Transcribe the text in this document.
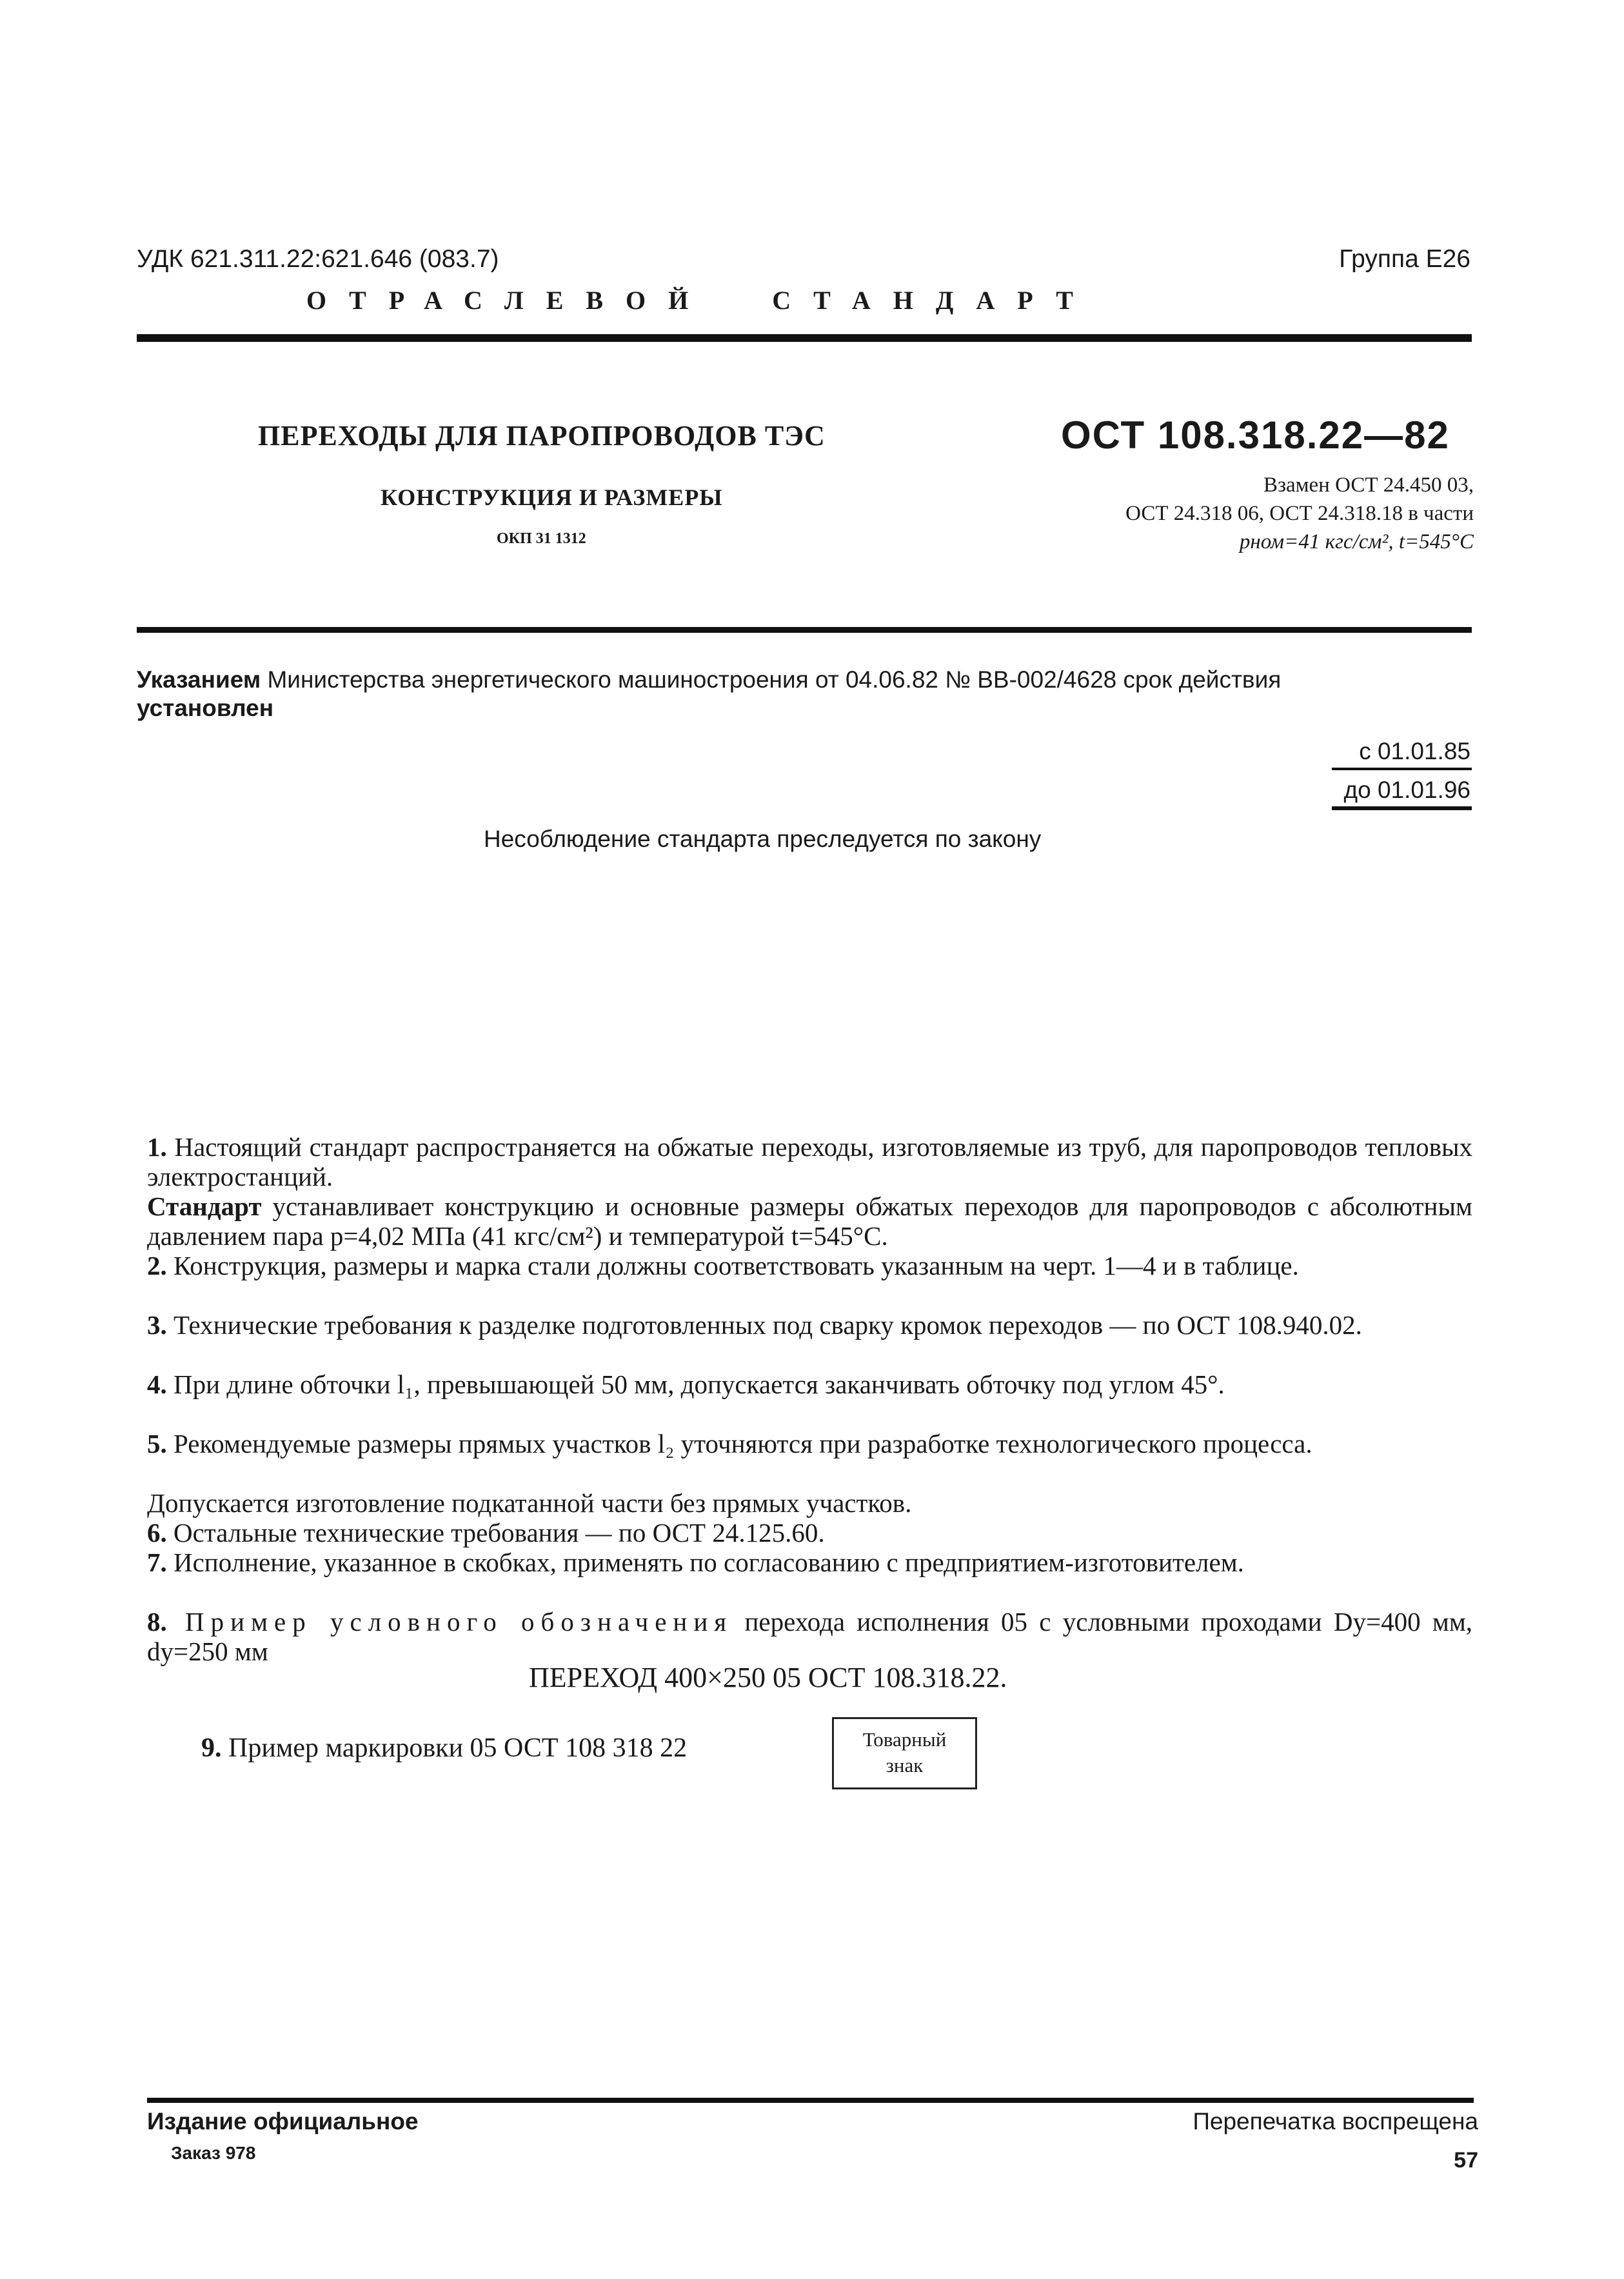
УДК 621.311.22:621.646 (083.7)	Группа Е26
ОТРАСЛЕВОЙ СТАНДАРТ
ПЕРЕХОДЫ ДЛЯ ПАРОПРОВОДОВ ТЭС
КОНСТРУКЦИЯ И РАЗМЕРЫ
ОКП 31 1312
ОСТ 108.318.22—82
Взамен ОСТ 24.450 03,
ОСТ 24.318 06, ОСТ 24.318.18 в части
pном=41 кгс/см², t=545°С
Указанием Министерства энергетического машиностроения от 04.06.82 № ВВ-002/4628 срок действия
установлен
с 01.01.85
до 01.01.96
Несоблюдение стандарта преследуется по закону
1. Настоящий стандарт распространяется на обжатые переходы, изготовляемые из труб, для паропроводов тепловых электростанций.
Стандарт устанавливает конструкцию и основные размеры обжатых переходов для паропроводов с абсолютным давлением пара p=4,02 МПа (41 кгс/см²) и температурой t=545°С.
2. Конструкция, размеры и марка стали должны соответствовать указанным на черт. 1—4 и в таблице.
3. Технические требования к разделке подготовленных под сварку кромок переходов — по ОСТ 108.940.02.
4. При длине обточки l₁, превышающей 50 мм, допускается заканчивать обточку под углом 45°.
5. Рекомендуемые размеры прямых участков l₂ уточняются при разработке технологического процесса.
Допускается изготовление подкатанной части без прямых участков.
6. Остальные технические требования — по ОСТ 24.125.60.
7. Исполнение, указанное в скобках, применять по согласованию с предприятием-изготовителем.
8. Пример условного обозначения перехода исполнения 05 с условными проходами Dу=400 мм, dу=250 мм
ПЕРЕХОД 400×250 05 ОСТ 108.318.22.
9. Пример маркировки 05 ОСТ 108 318 22	Товарный
знак
Издание официальное	Перепечатка воспрещена
Заказ 978	57
